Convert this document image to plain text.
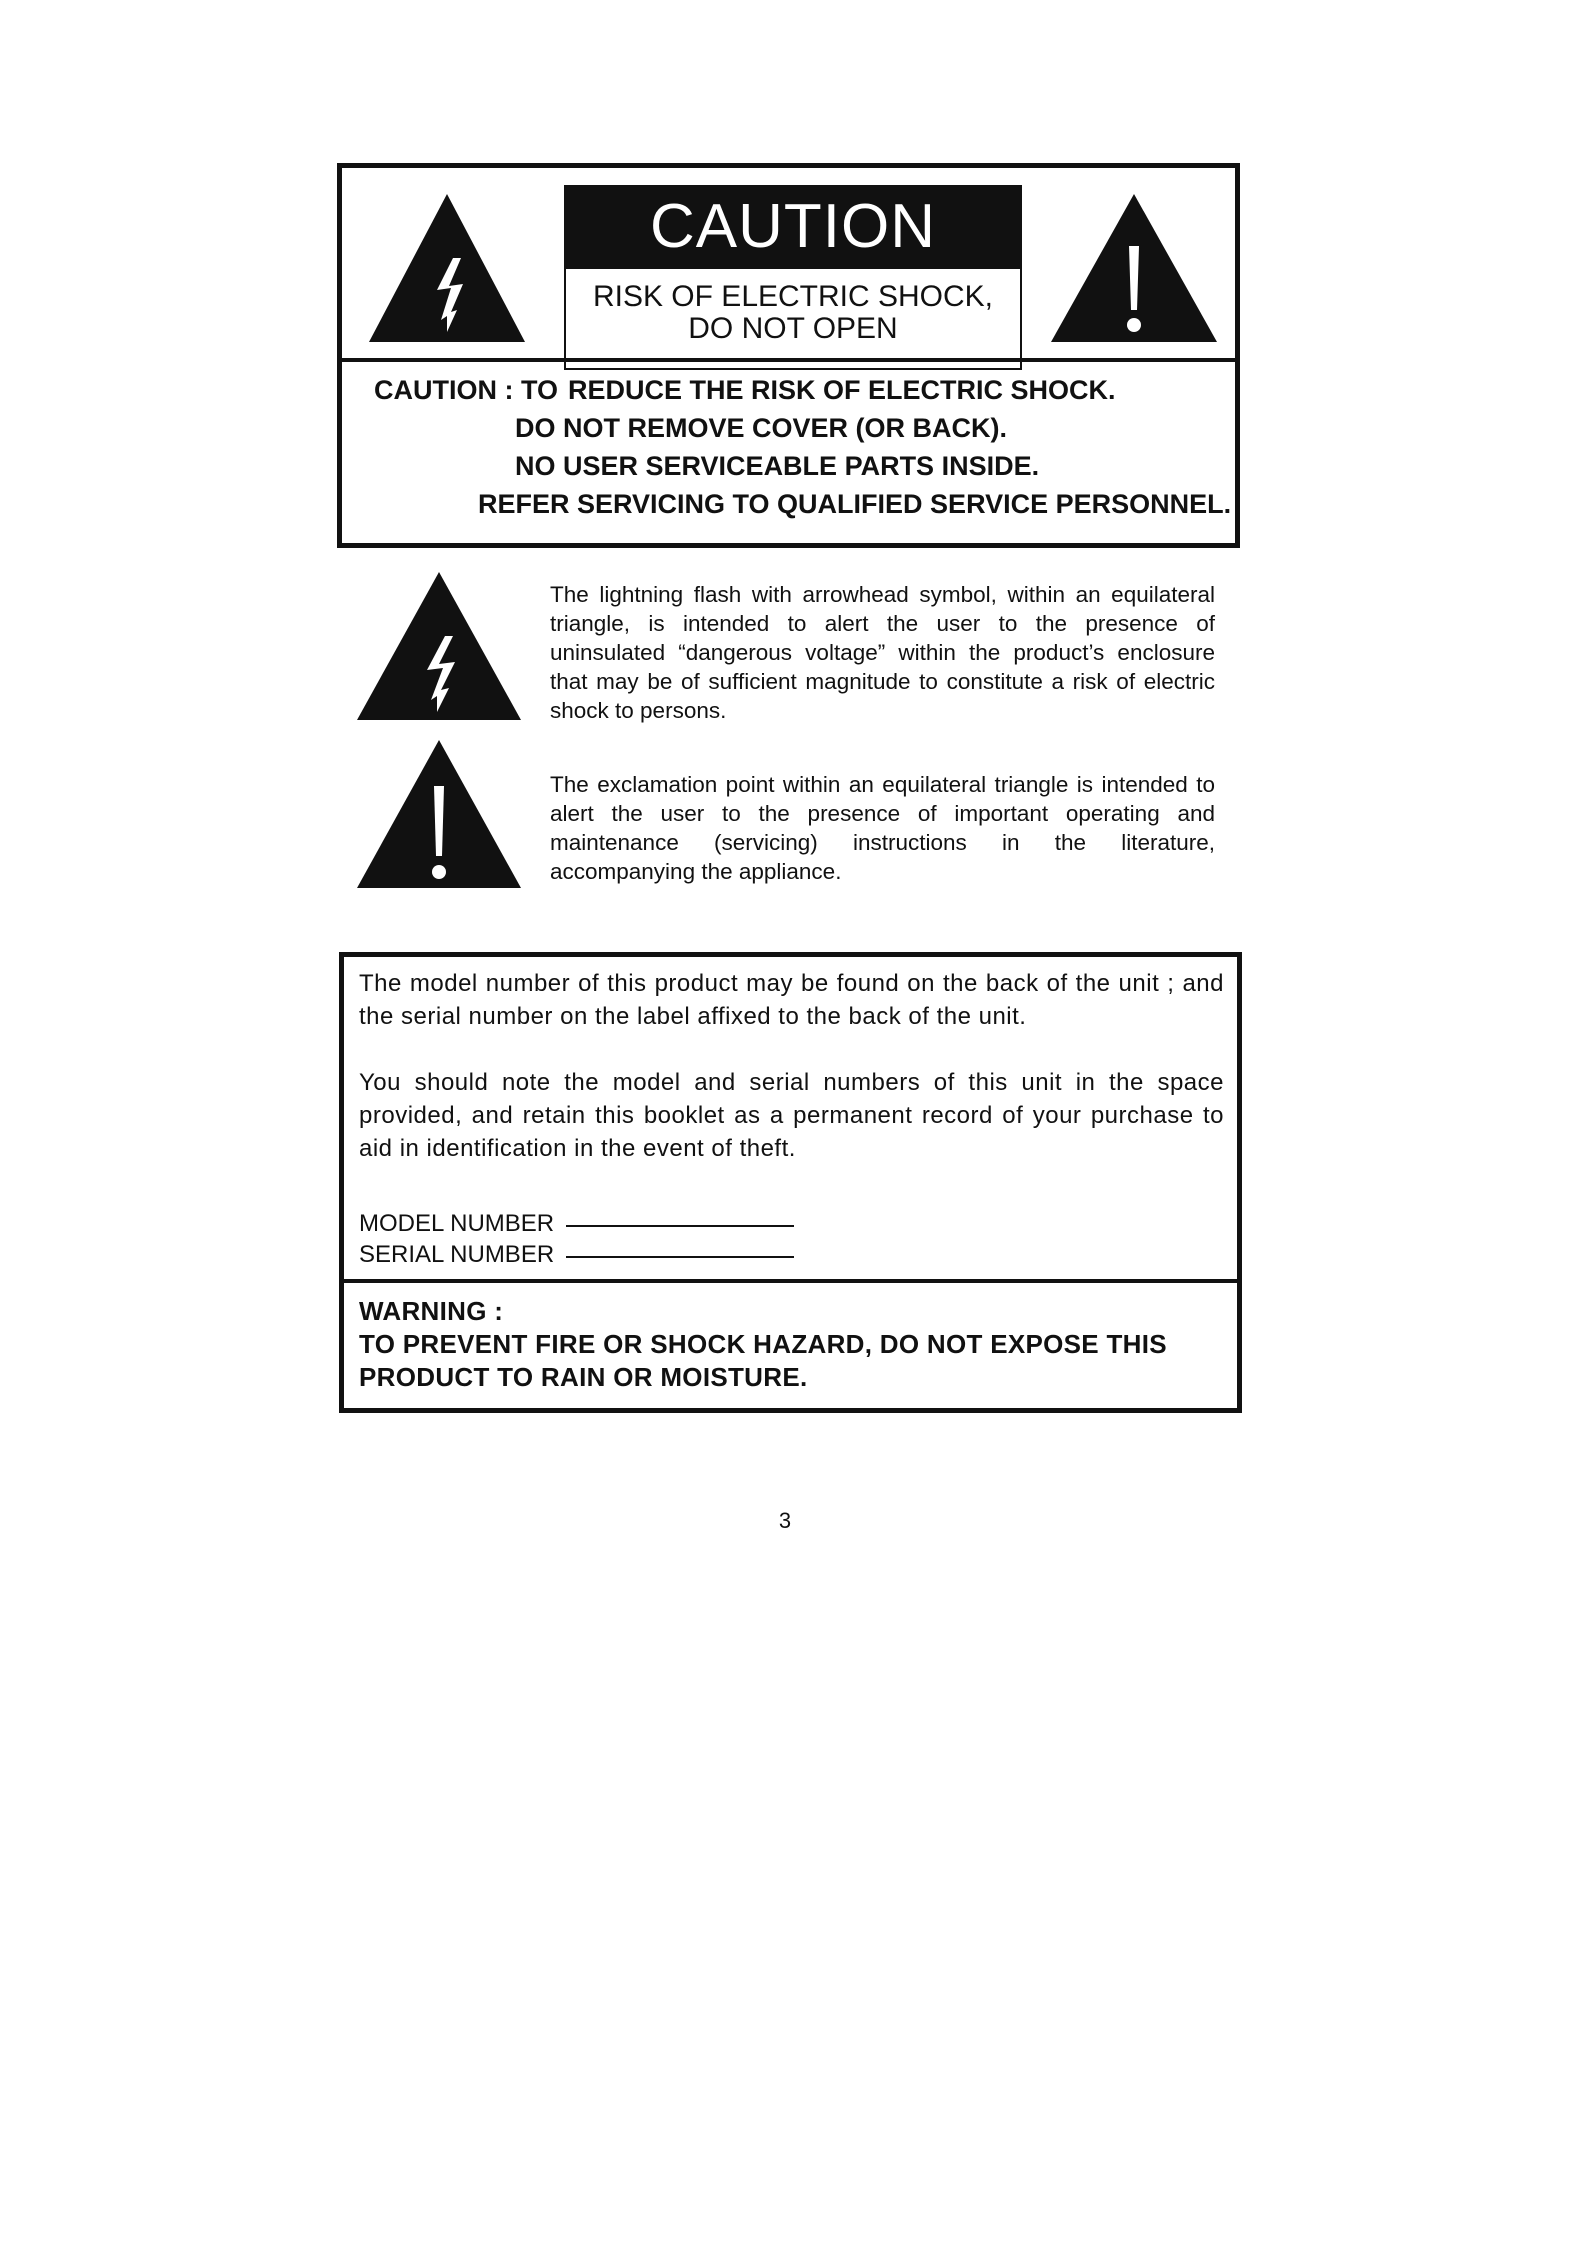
CAUTION
RISK OF ELECTRIC SHOCK,
DO NOT OPEN
CAUTION : TO REDUCE THE RISK OF ELECTRIC SHOCK.
DO NOT REMOVE COVER (OR BACK).
NO USER SERVICEABLE PARTS INSIDE.
REFER SERVICING TO QUALIFIED SERVICE PERSONNEL.
The lightning flash with arrowhead symbol, within an equilateral triangle, is intended to alert the user to the presence of uninsulated “dangerous voltage” within the product’s enclosure that may be of sufficient magnitude to constitute a risk of electric shock to persons.
The exclamation point within an equilateral triangle is intended to alert the user to the presence of important operating and maintenance (servicing) instructions in the literature, accompanying the appliance.
The model number of this product may be found on the back of the unit ; and the serial number on the label affixed to the back of the unit.
You should note the model and serial numbers of this unit in the space provided, and retain this booklet as a permanent record of your purchase to aid in identification in the event of theft.
MODEL NUMBER
SERIAL NUMBER
WARNING :
TO PREVENT FIRE OR SHOCK HAZARD, DO NOT EXPOSE THIS PRODUCT TO RAIN OR MOISTURE.
3
